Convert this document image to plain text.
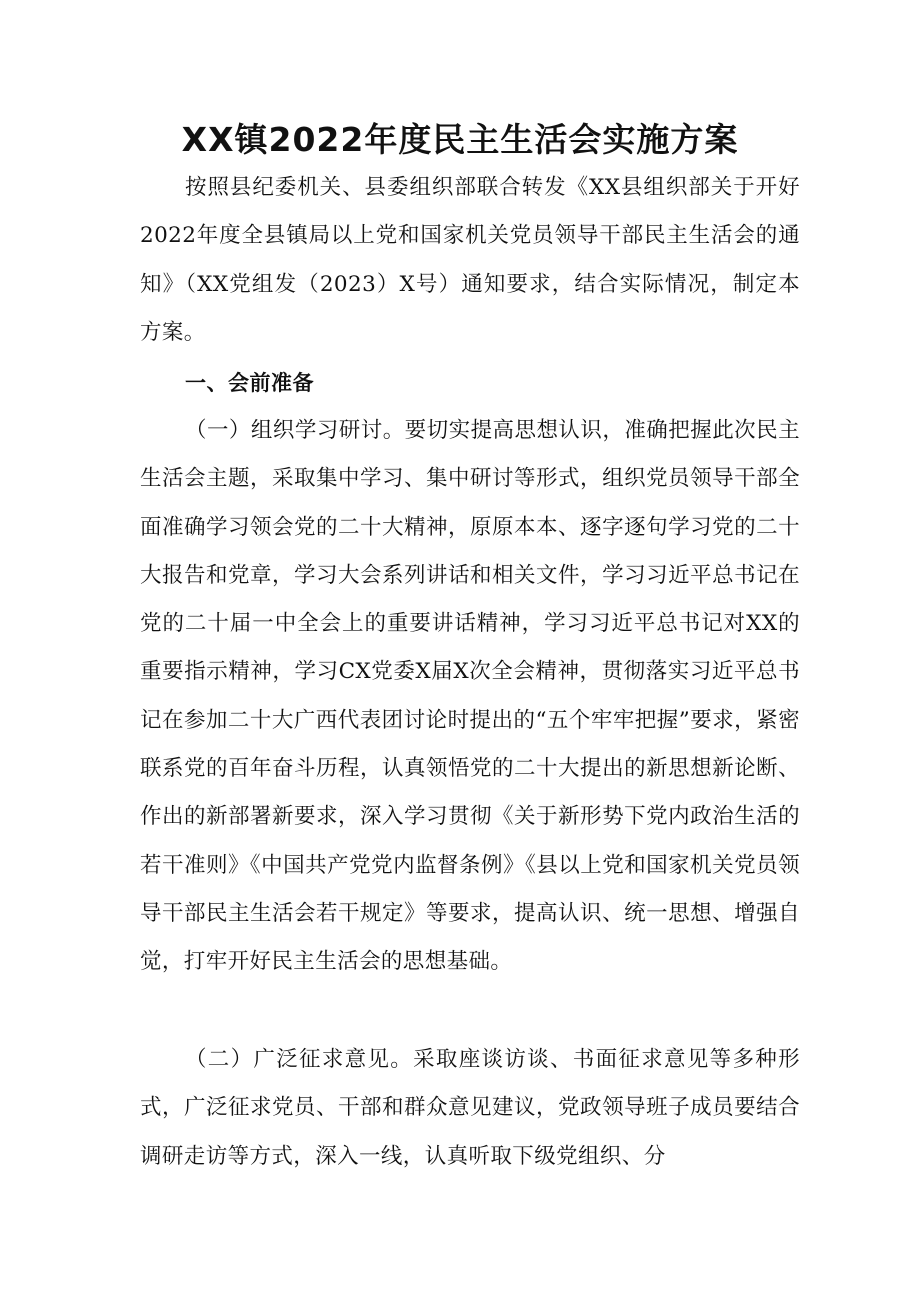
XX镇2022年度民主生活会实施方案

按照县纪委机关、县委组织部联合转发《XX县组织部关于开好2022年度全县镇局以上党和国家机关党员领导干部民主生活会的通知》（XX党组发（2023）X号）通知要求，结合实际情况，制定本方案。

一、会前准备

（一）组织学习研讨。要切实提高思想认识，准确把握此次民主生活会主题，采取集中学习、集中研讨等形式，组织党员领导干部全面准确学习领会党的二十大精神，原原本本、逐字逐句学习党的二十大报告和党章，学习大会系列讲话和相关文件，学习习近平总书记在党的二十届一中全会上的重要讲话精神，学习习近平总书记对XX的重要指示精神，学习CX党委X届X次全会精神，贯彻落实习近平总书记在参加二十大广西代表团讨论时提出的“五个牢牢把握”要求，紧密联系党的百年奋斗历程，认真领悟党的二十大提出的新思想新论断、作出的新部署新要求，深入学习贯彻《关于新形势下党内政治生活的若干准则》《中国共产党党内监督条例》《县以上党和国家机关党员领导干部民主生活会若干规定》等要求，提高认识、统一思想、增强自觉，打牢开好民主生活会的思想基础。

（二）广泛征求意见。采取座谈访谈、书面征求意见等多种形式，广泛征求党员、干部和群众意见建议，党政领导班子成员要结合调研走访等方式，深入一线，认真听取下级党组织、分
